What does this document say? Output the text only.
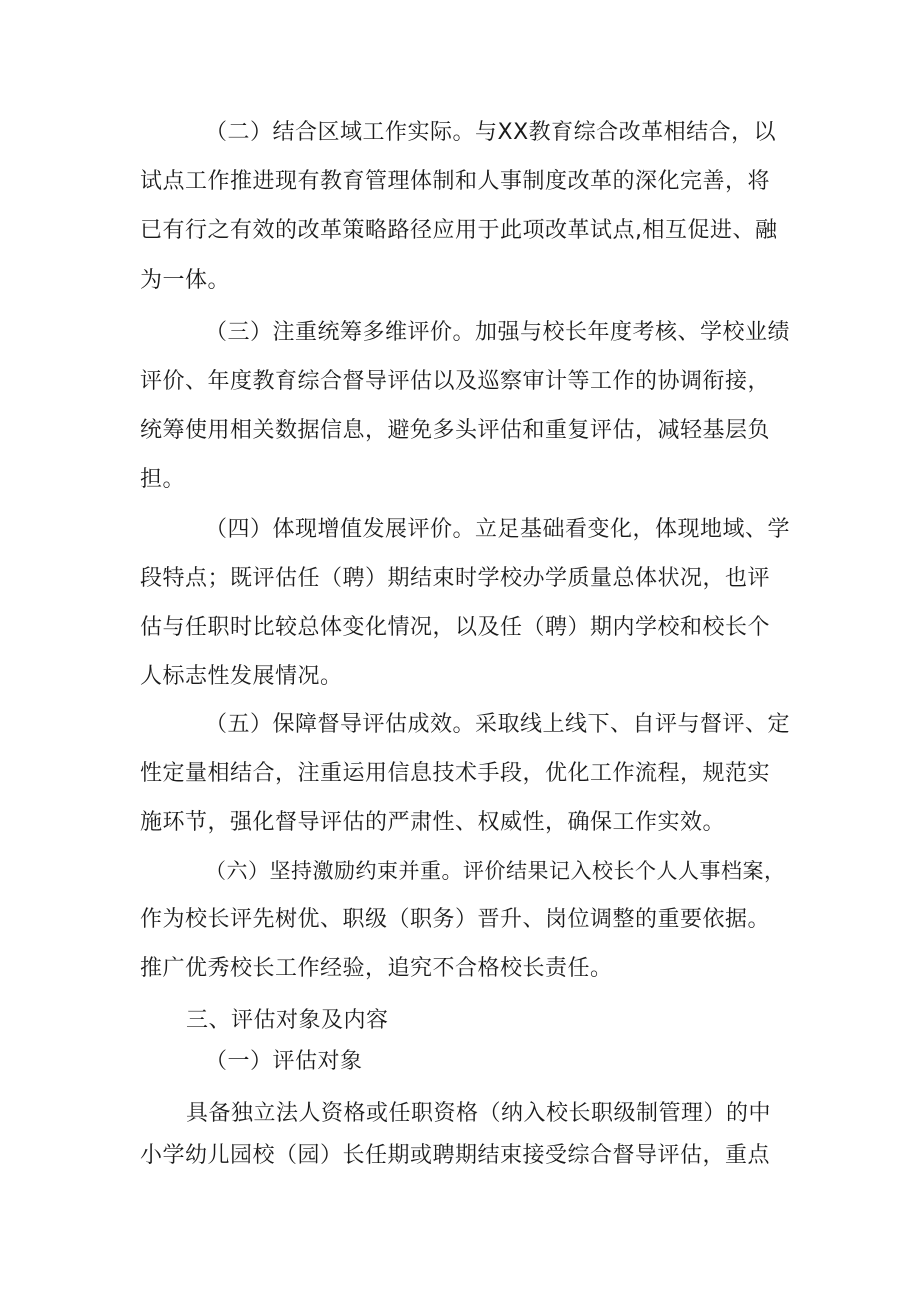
（二）结合区域工作实际。与XX教育综合改革相结合，以
试点工作推进现有教育管理体制和人事制度改革的深化完善，将
已有行之有效的改革策略路径应用于此项改革试点,相互促进、融
为一体。
（三）注重统筹多维评价。加强与校长年度考核、学校业绩
评价、年度教育综合督导评估以及巡察审计等工作的协调衔接，
统筹使用相关数据信息，避免多头评估和重复评估，减轻基层负
担。
（四）体现增值发展评价。立足基础看变化，体现地域、学
段特点；既评估任（聘）期结束时学校办学质量总体状况，也评
估与任职时比较总体变化情况，以及任（聘）期内学校和校长个
人标志性发展情况。
（五）保障督导评估成效。采取线上线下、自评与督评、定
性定量相结合，注重运用信息技术手段，优化工作流程，规范实
施环节，强化督导评估的严肃性、权威性，确保工作实效。
（六）坚持激励约束并重。评价结果记入校长个人人事档案，
作为校长评先树优、职级（职务）晋升、岗位调整的重要依据。
推广优秀校长工作经验，追究不合格校长责任。
三、评估对象及内容
（一）评估对象
具备独立法人资格或任职资格（纳入校长职级制管理）的中
小学幼儿园校（园）长任期或聘期结束接受综合督导评估，重点
